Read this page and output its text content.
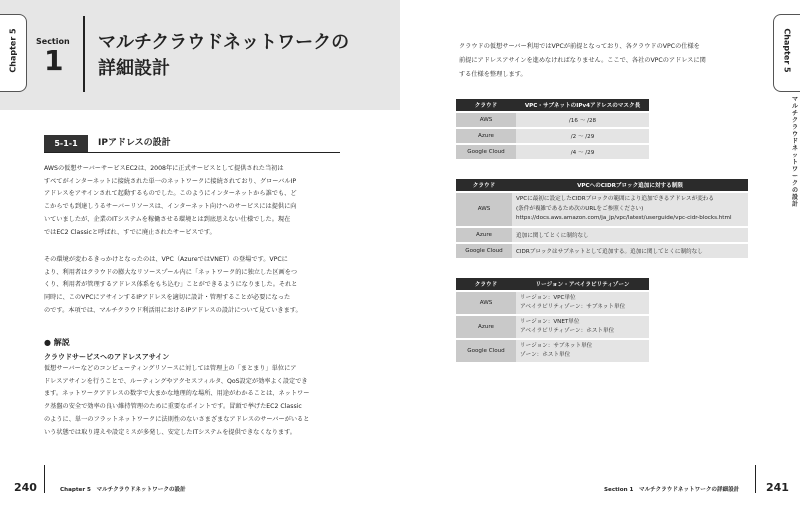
Chapter 5 Section
1
マルチクラウドネットワークの
詳細設計
5-1-1	IPアドレスの設計
AWSの仮想サーバーサービスEC2は、2008年に正式サービスとして提供された当初は
すべてがインターネットに接続された単一のネットワークに接続されており、グローバルIP
アドレスをアサインされて起動するものでした。このようにインターネットから誰でも、ど
こからでも到達しうるサーバーリソースは、インターネット向けへのサービスには提供に向
いていましたが、企業のITシステムを稼働させる環境とは到底思えない仕様でした。現在
ではEC2 Classicと呼ばれ、すでに廃止されたサービスです。
その環境が変わるきっかけとなったのは、VPC（AzureではVNET）の登場です。VPCに
より、利用者はクラウドの膨大なリソースプール内に「ネットワーク的に独立した区画をつ
くり、利用者が管理するアドレス体系をもち込む」ことができるようになりました。それと
同時に、このVPCにアサインするIPアドレスを適切に設計・管理することが必要になった
のです。本項では、マルチクラウド利活用におけるIPアドレスの設計について見ていきます。
● 解説
クラウドサービスへのアドレスアサイン
仮想サーバーなどのコンピューティングリソースに対しては管理上の「まとまり」単位にア
ドレスアサインを行うことで、ルーティングやアクセスフィルタ、QoS設定が効率よく設定でき
ます。ネットワークアドレスの数字で大まかな地理的な場所、用途がわかることは、ネットワー
ク基盤の安全で効率の良い維持管理のために重要なポイントです。冒頭で挙げたEC2 Classic
のように、単一のフラットネットワークに法則性のないさまざまなアドレスのサーバーがいると
いう状態では取り違えや設定ミスが多発し、安定したITシステムを提供できなくなります。
240	Chapter 5　マルチクラウドネットワークの設計
Chapter 5
マルチクラウドネットワークの設計
クラウドの仮想サーバー利用ではVPCが前提となっており、各クラウドのVPCの仕様を
前提にアドレスアサインを進めなければなりません。ここで、各社のVPCのアドレスに関
する仕様を整理します。
クラウド	VPC・サブネットのIPv4アドレスのマスク長
AWS	/16 ～ /28
Azure	/2 ～ /29
Google Cloud	/4 ～ /29
クラウド	VPCへのCIDRブロック追加に対する制限
AWS	VPCに最初に設定したCIDRブロックの範囲により追加できるアドレスが変わる
(条件が複雑であるため次のURLをご参照ください)
https://docs.aws.amazon.com/ja_jp/vpc/latest/userguide/vpc-cidr-blocks.html

Azure	追加に関してとくに制約なし
Google Cloud	CIDRブロックはサブネットとして追加する。追加に関してとくに制約なし
クラウド	リージョン・アベイラビリティゾーン
AWS	リージョン：VPC単位
アベイラビリティゾーン：サブネット単位

Azure	リージョン：VNET単位
アベイラビリティゾーン：ホスト単位

Google Cloud	リージョン：サブネット単位
ゾーン：ホスト単位
Section 1　マルチクラウドネットワークの詳細設計 241
